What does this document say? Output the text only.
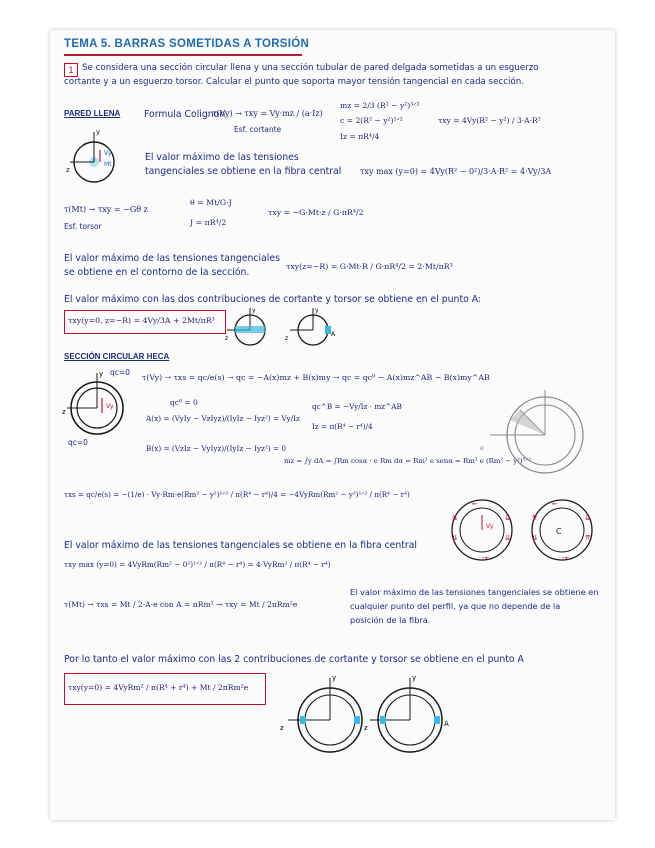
TEMA 5. BARRAS SOMETIDAS A TORSIÓN
1 Se considera una sección circular llena y una sección tubular de pared delgada sometidas a un esguerzo
cortante y a un esguerzo torsor. Calcular el punto que soporta mayor tensión tangencial en cada sección.
PARED LLENA	Formula Colignon
τ(Vy) → τxy = Vy·mz / (a·Iz)
Esf. cortante
mz = 2/3 (R² − y²)³ᐟ²
c = 2(R² − y²)¹ᐟ²
Iz = πR⁴/4
τxy = 4Vy(R² − y²) / 3·A·R²
y
z
Vy
Mt
El valor máximo de las tensiones
tangenciales se obtiene en la fibra central τxy max (y=0) = 4Vy(R² − 0²)/3·A·R² = 4·Vy/3A
τ(Mt) → τxy = −Gθ z
Esf. torsor
θ = Mt/G·J
J = πR⁴/2
τxy = −G·Mt·z / G·πR⁴/2
El valor máximo de las tensiones tangenciales
se obtiene en el contorno de la sección.
τxy(z=−R) = G·Mt·R / G·πR⁴/2 = 2·Mt/πR³
El valor máximo con las dos contribuciones de cortante y torsor se obtiene en el punto A:
τxy(y=0, z=−R) = 4Vy/3A + 2Mt/πR³
y
z
y
z
A
SECCIÓN CIRCULAR HECA
y
z
Vy
qc=0
qc=0
τ(Vy) → τxs = qc/e(s) → qc = −A(x)mz + B(x)my → qc = qc⁰ − A(x)mz^AB − B(x)my^AB
qc⁰ = 0
A(x) = (VyIy − VzIyz)/(IyIz − Iyz²) = Vy/Iz
B(x) = (VzIz − VyIyz)/(IyIz − Iyz²) = 0
qc^B = −Vy/Iz · mz^AB
Iz = π(R⁴ − r⁴)/4
mz = ∫y dA = ∫Rm cosα · e Rm dα = Rm² e senα = Rm² e (Rm² − y²)¹ᐟ²
e
τxs = qc/e(s) = −(1/e) · Vy·Rm·e(Rm² − y²)¹ᐟ² / π(R⁴ − r⁴)/4 = −4VyRm(Rm² − y²)¹ᐟ² / π(R⁴ − r⁴)
⇊
⇊
⇊
⇊
←
→
Vy
⇈
⇊
⇊
⇈
←
→
C
El valor máximo de las tensiones tangenciales se obtiene en la fibra central
τxy max (y=0) = 4VyRm(Rm² − 0²)¹ᐟ² / π(R⁴ − r⁴) = 4·VyRm² / π(R⁴ − r⁴)
τ(Mt) → τxs = Mt / 2·A·e con A = πRm² → τxy = Mt / 2πRm²e
El valor máximo de las tensiones tangenciales se obtiene en
cualquier punto del perfil, ya que no depende de la
posición de la fibra.
Por lo tanto el valor máximo con las 2 contribuciones de cortante y torsor se obtiene en el punto A
τxy(y=0) = 4VyRm² / π(R⁴ + r⁴) + Mt / 2πRm²e
y
z
y
z	A
